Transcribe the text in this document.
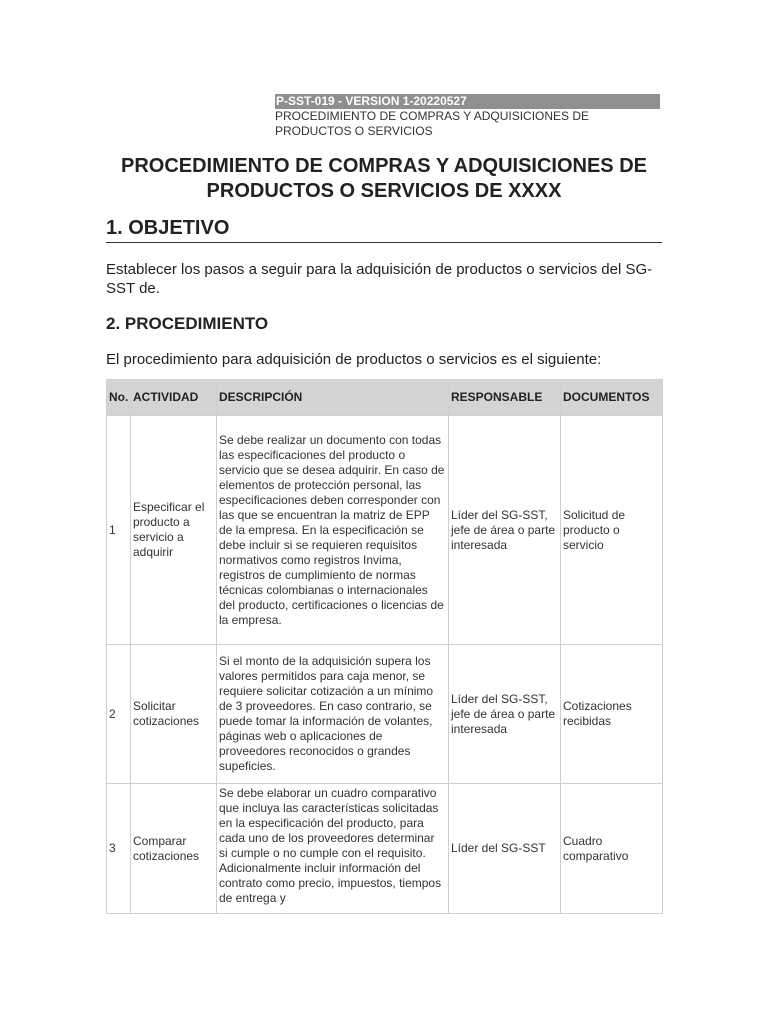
P-SST-019 - VERSION 1-20220527
PROCEDIMIENTO DE COMPRAS Y ADQUISICIONES DE PRODUCTOS O SERVICIOS
PROCEDIMIENTO DE COMPRAS Y ADQUISICIONES DE PRODUCTOS O SERVICIOS DE XXXX
1. OBJETIVO

Establecer los pasos a seguir para la adquisición de productos o servicios del SG-SST de.

2. PROCEDIMIENTO

El procedimiento para adquisición de productos o servicios es el siguiente:

No.	ACTIVIDAD	DESCRIPCIÓN	RESPONSABLE	DOCUMENTOS
1	Especificar el producto a servicio a adquirir	Se debe realizar un documento con todas las especificaciones del producto o servicio que se desea adquirir. En caso de elementos de protección personal, las especificaciones deben corresponder con las que se encuentran la matriz de EPP de la empresa. En la especificación se debe incluir si se requieren requisitos normativos como registros Invima, registros de cumplimiento de normas técnicas colombianas o internacionales del producto, certificaciones o licencias de la empresa.	Líder del SG-SST, jefe de área o parte interesada	Solicitud de producto o servicio
2	Solicitar cotizaciones	Si el monto de la adquisición supera los valores permitidos para caja menor, se requiere solicitar cotización a un mínimo de 3 proveedores. En caso contrario, se puede tomar la información de volantes, páginas web o aplicaciones de proveedores reconocidos o grandes supeficies.	Líder del SG-SST, jefe de área o parte interesada	Cotizaciones recibidas
3	Comparar cotizaciones	Se debe elaborar un cuadro comparativo que incluya las características solicitadas en la especificación del producto, para cada uno de los proveedores determinar si cumple o no cumple con el requisito. Adicionalmente incluir información del contrato como precio, impuestos, tiempos de entrega y	Líder del SG-SST	Cuadro comparativo
